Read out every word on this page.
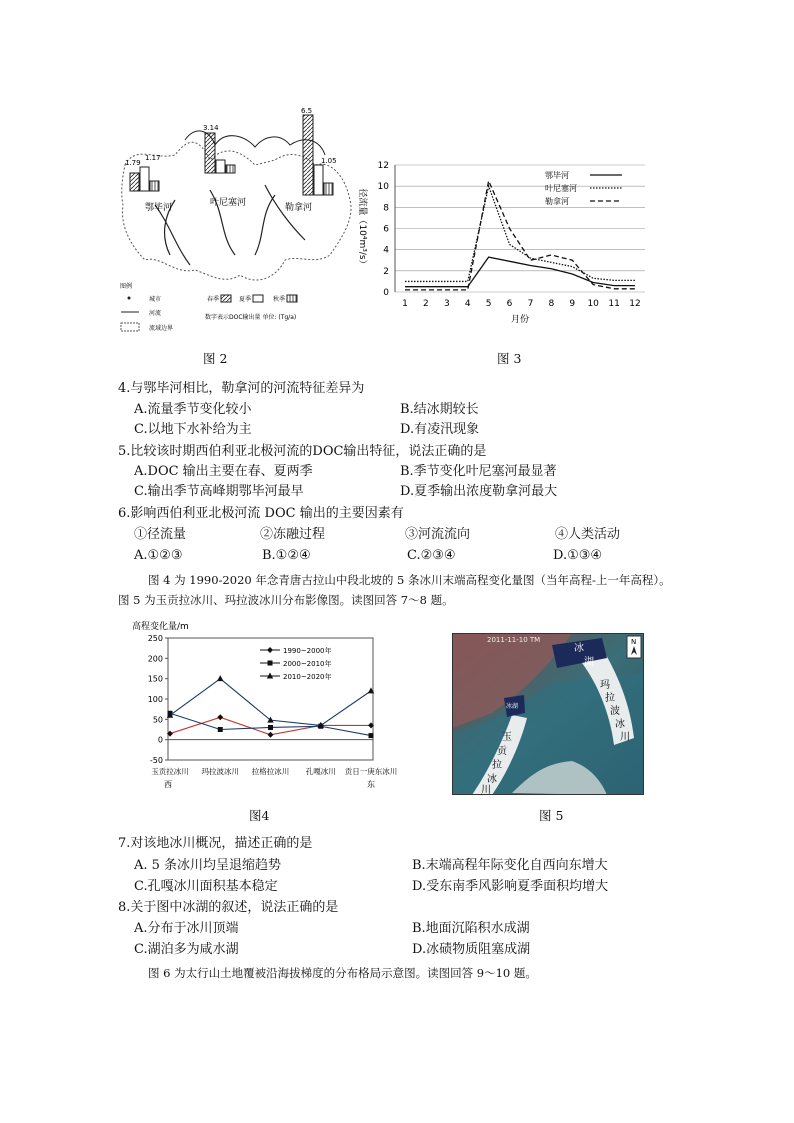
1.79
1.17
3.14
6.5
1.05
鄂毕河	叶尼塞河	勒拿河
图例
城市
河流
流域边界
春季	夏季	秋季
数字表示DOC输出量 单位: (Tg/a)
图 2
0
2
4
6
8
10
12
1 2 3 4 5 6 7 8 9 10 11 12
月份
径流量（10⁴m³/s）
鄂毕河
叶尼塞河
勒拿河
图 3
4.与鄂毕河相比，勒拿河的河流特征差异为
A.流量季节变化较小	B.结冰期较长
C.以地下水补给为主	D.有凌汛现象
5.比较该时期西伯利亚北极河流的DOC输出特征，说法正确的是
A.DOC 输出主要在春、夏两季	B.季节变化叶尼塞河最显著
C.输出季节高峰期鄂毕河最早	D.夏季输出浓度勒拿河最大
6.影响西伯利亚北极河流 DOC 输出的主要因素有
①径流量	②冻融过程	③河流流向	④人类活动
A.①②③	B.①②④	C.②③④	D.①③④
图 4 为 1990-2020 年念青唐古拉山中段北坡的 5 条冰川末端高程变化量图（当年高程-上一年高程）。图 5 为玉贡拉冰川、玛拉波冰川分布影像图。读图回答 7～8 题。
高程变化量/m
-50
0
50
100
150
200
250
玉贡拉冰川 玛拉波冰川 拉格拉冰川 孔嘎冰川 贡日一庚东冰川
西	东
1990~2000年
2000~2010年
2010~2020年
图4
2011-11-10 TM	N
冰
湖
玛
拉
波
冰
川
冰湖
玉
贡
拉
冰
川
图 5
7.对该地冰川概况，描述正确的是
A. 5 条冰川均呈退缩趋势	B.末端高程年际变化自西向东增大
C.孔嘎冰川面积基本稳定	D.受东南季风影响夏季面积均增大
8.关于图中冰湖的叙述，说法正确的是
A.分布于冰川顶端	B.地面沉陷积水成湖
C.湖泊多为咸水湖	D.冰碛物质阻塞成湖
图 6 为太行山土地覆被沿海拔梯度的分布格局示意图。读图回答 9～10 题。
